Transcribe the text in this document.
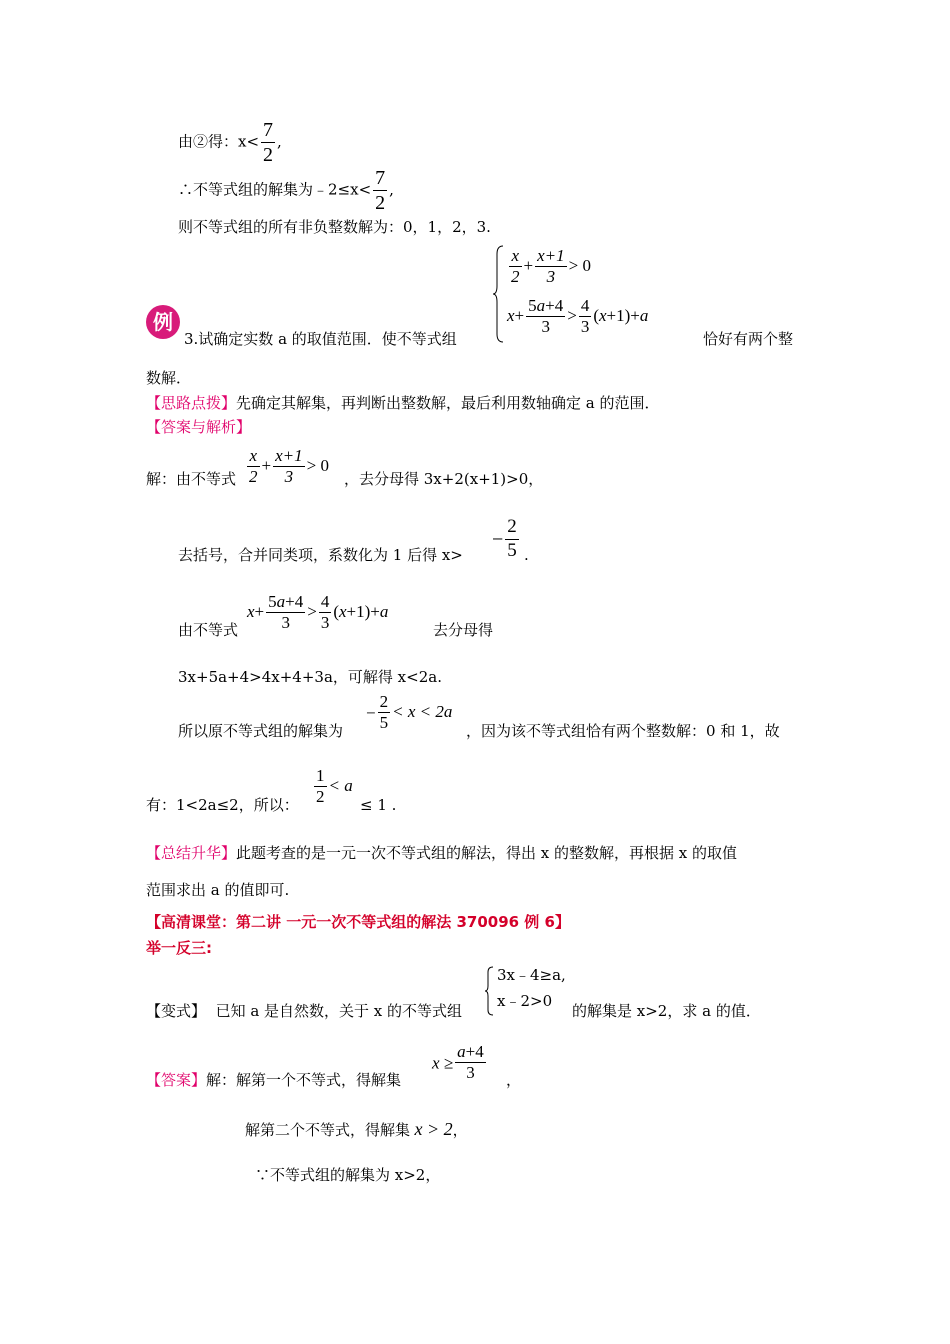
由②得：$x< \frac{7}{2}$ ,
∴不等式组的解集为﹣2≤x< $\frac{7}{2}$ ,
则不等式组的所有非负整数解为：0，1，2，3.
例
3.试确定实数 a 的取值范围．使不等式组
$\frac{x}{2} + \frac{x+1}{3} > 0$
$x+ \frac{5a+4}{3} > \frac{4}{3} (x+1)+a$
恰好有两个整
数解．
【思路点拨】先确定其解集，再判断出整数解，最后利用数轴确定 a 的范围．
【答案与解析】
解：由不等式 $\frac{x}{2} + \frac{x+1}{3} > 0$
，去分母得 3x+2(x+1)>0，
去括号，合并同类项，系数化为 1 后得 x>
− $\frac{2}{5}$ .
由不等式
$x+ \frac{5a+4}{3} > \frac{4}{3} (x+1)+a$
去分母得
3x+5a+4>4x+4+3a，可解得 x<2a.
所以原不等式组的解集为
− $\frac{2}{5} < x < 2a$
，因为该不等式组恰有两个整数解：0 和 1，故
有：1<2a≤2，所以： $\frac{1}{2} < a$
≤ 1 .
【总结升华】此题考查的是一元一次不等式组的解法，得出 x 的整数解，再根据 x 的取值
范围求出 a 的值即可.
【高清课堂：第二讲 一元一次不等式组的解法 370096 例 6】
举一反三:
【变式】 已知 a 是自然数，关于 x 的不等式组
3x﹣4≥a,
x﹣2>0
的解集是 x>2，求 a 的值．
【答案】解：解第一个不等式，得解集
$x \ge \frac{a+4}{3}$ ，
解第二个不等式，得解集 x > 2，
∵不等式组的解集为 x>2，
